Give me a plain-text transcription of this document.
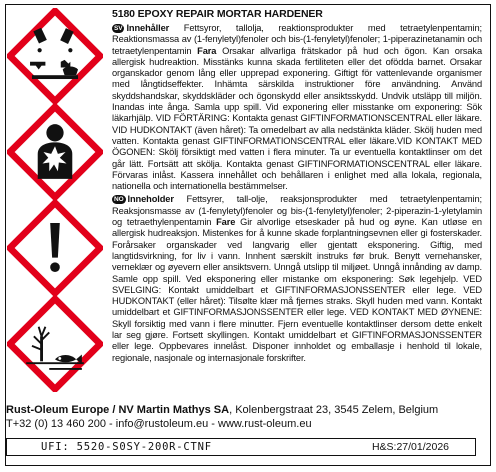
5180 EPOXY REPAIR MORTAR HARDENER

SV Innehåller Fettsyror, tallolja, reaktionsprodukter med tetraetylenpentamin; Reaktionsmassa av (1-fenyletyl)fenoler och bis-(1-fenyletyl)fenoler; 1-piperazinetanamin och tetraetylenpentamin Fara Orsakar allvarliga frätskador på hud och ögon. Kan orsaka allergisk hudreaktion. Misstänks kunna skada fertiliteten eller det ofödda barnet. Orsakar organskador genom lång eller upprepad exponering. Giftigt för vattenlevande organismer med långtidseffekter. Inhämta särskilda instruktioner före användning. Använd skyddshandskar, skyddskläder och ögonskydd eller ansiktsskydd. Undvik utsläpp till miljön. Inandas inte ånga. Samla upp spill. Vid exponering eller misstanke om exponering: Sök läkarhjälp. VID FÖRTÄRING: Kontakta genast GIFTINFORMATIONSCENTRAL eller läkare. VID HUDKONTAKT (även håret): Ta omedelbart av alla nedstänkta kläder. Skölj huden med vatten. Kontakta genast GIFTINFORMATIONSCENTRAL eller läkare.VID KONTAKT MED ÖGONEN: Skölj försiktigt med vatten i flera minuter. Ta ur eventuella kontaktlinser om det går lätt. Fortsätt att skölja. Kontakta genast GIFTINFORMATIONSCENTRAL eller läkare. Förvaras inlåst. Kassera innehållet och behållaren i enlighet med alla lokala, regionala, nationella och internationella bestämmelser.

NO Inneholder Fettsyrer, tall-olje, reaksjonsprodukter med tetraetylenpentamin; Reaksjonsmasse av (1-fenyletyl)fenoler og bis-(1-fenyletyl)fenoler; 2-piperazin-1-yletylamin og tetraethylenpentamin Fare Gir alvorlige etseskader på hud og øyne. Kan utløse en allergisk hudreaksjon. Mistenkes for å kunne skade forplantningsevnen eller gi fosterskader. Forårsaker organskader ved langvarig eller gjentatt eksponering. Giftig, med langtidsvirkning, for liv i vann. Innhent særskilt instruks før bruk. Benytt vernehansker, verneklær og øyevern eller ansiktsvern. Unngå utslipp til miljøet. Unngå innånding av damp. Samle opp spill. Ved eksponering eller mistanke om eksponering: Søk legehjelp. VED SVELGING: Kontakt umiddelbart et GIFTINFORMASJONSSENTER eller lege. VED HUDKONTAKT (eller håret): Tilsølte klær må fjernes straks. Skyll huden med vann. Kontakt umiddelbart et GIFTINFORMASJONSSENTER eller lege. VED KONTAKT MED ØYNENE: Skyll forsiktig med vann i flere minutter. Fjern eventuelle kontaktlinser dersom dette enkelt lar seg gjøre. Fortsett skyllingen. Kontakt umiddelbart et GIFTINFORMASJONSSENTER eller lege. Oppbevares innelåst. Disponer innholdet og emballasje i henhold til lokale, regionale, nasjonale og internasjonale forskrifter.

Rust-Oleum Europe / NV Martin Mathys SA, Kolenbergstraat 23, 3545 Zelem, Belgium
T+32 (0) 13 460 200 - info@rustoleum.eu - www.rust-oleum.eu
UFI: 5520-S0SY-200R-CTNF	H&S:27/01/2026
